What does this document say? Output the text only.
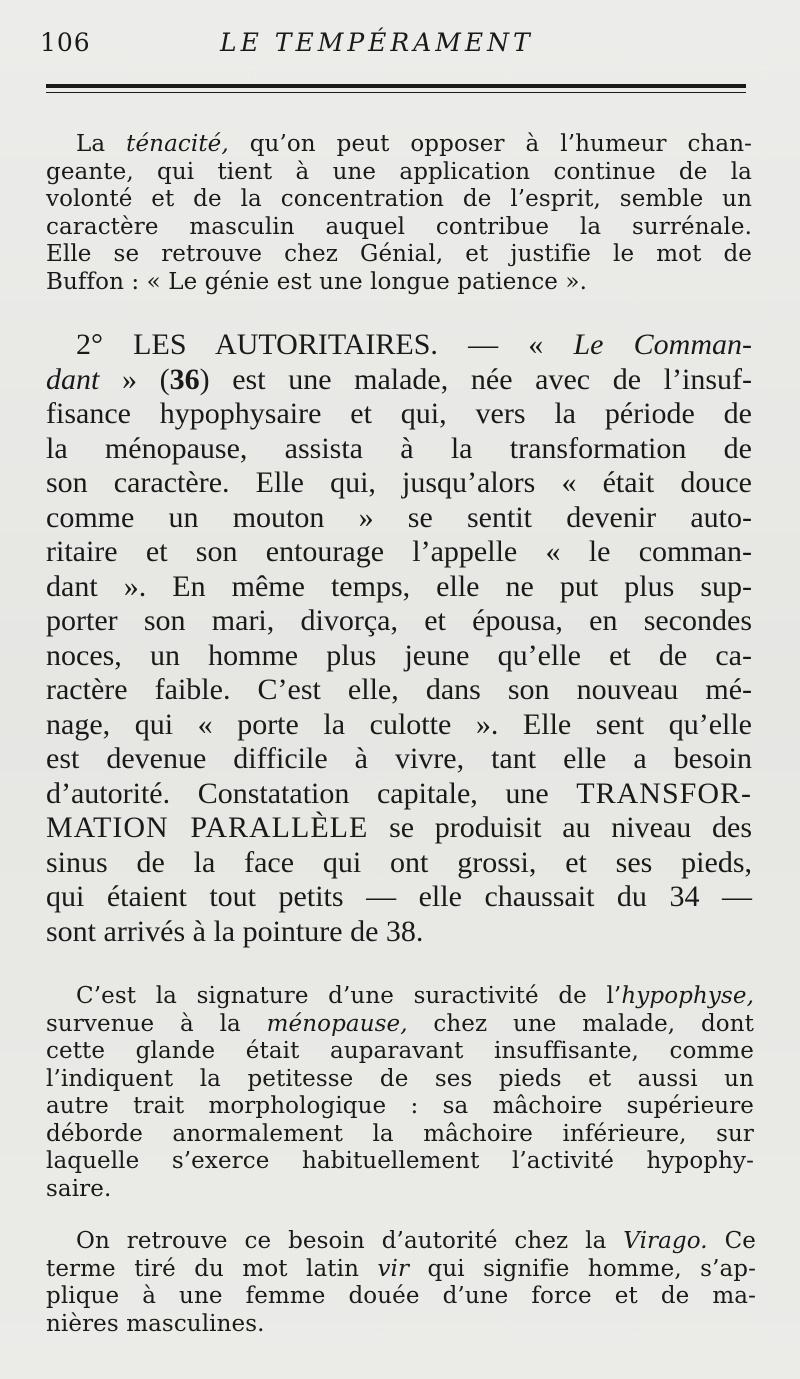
106	LE TEMPÉRAMENT
La ténacité, qu’on peut opposer à l’humeur chan-
geante, qui tient à une application continue de la
volonté et de la concentration de l’esprit, semble un
caractère masculin auquel contribue la surrénale.
Elle se retrouve chez Génial, et justifie le mot de
Buffon : « Le génie est une longue patience ».
2° LES AUTORITAIRES. — « Le Comman-
dant » (36) est une malade, née avec de l’insuf-
fisance hypophysaire et qui, vers la période de
la ménopause, assista à la transformation de
son caractère. Elle qui, jusqu’alors « était douce
comme un mouton » se sentit devenir auto-
ritaire et son entourage l’appelle « le comman-
dant ». En même temps, elle ne put plus sup-
porter son mari, divorça, et épousa, en secondes
noces, un homme plus jeune qu’elle et de ca-
ractère faible. C’est elle, dans son nouveau mé-
nage, qui « porte la culotte ». Elle sent qu’elle
est devenue difficile à vivre, tant elle a besoin
d’autorité. Constatation capitale, une TRANSFOR-
MATION PARALLÈLE se produisit au niveau des
sinus de la face qui ont grossi, et ses pieds,
qui étaient tout petits — elle chaussait du 34 —
sont arrivés à la pointure de 38.
C’est la signature d’une suractivité de l’hypophyse,
survenue à la ménopause, chez une malade, dont
cette glande était auparavant insuffisante, comme
l’indiquent la petitesse de ses pieds et aussi un
autre trait morphologique : sa mâchoire supérieure
déborde anormalement la mâchoire inférieure, sur
laquelle s’exerce habituellement l’activité hypophy-
saire.
On retrouve ce besoin d’autorité chez la Virago. Ce
terme tiré du mot latin vir qui signifie homme, s’ap-
plique à une femme douée d’une force et de ma-
nières masculines.
